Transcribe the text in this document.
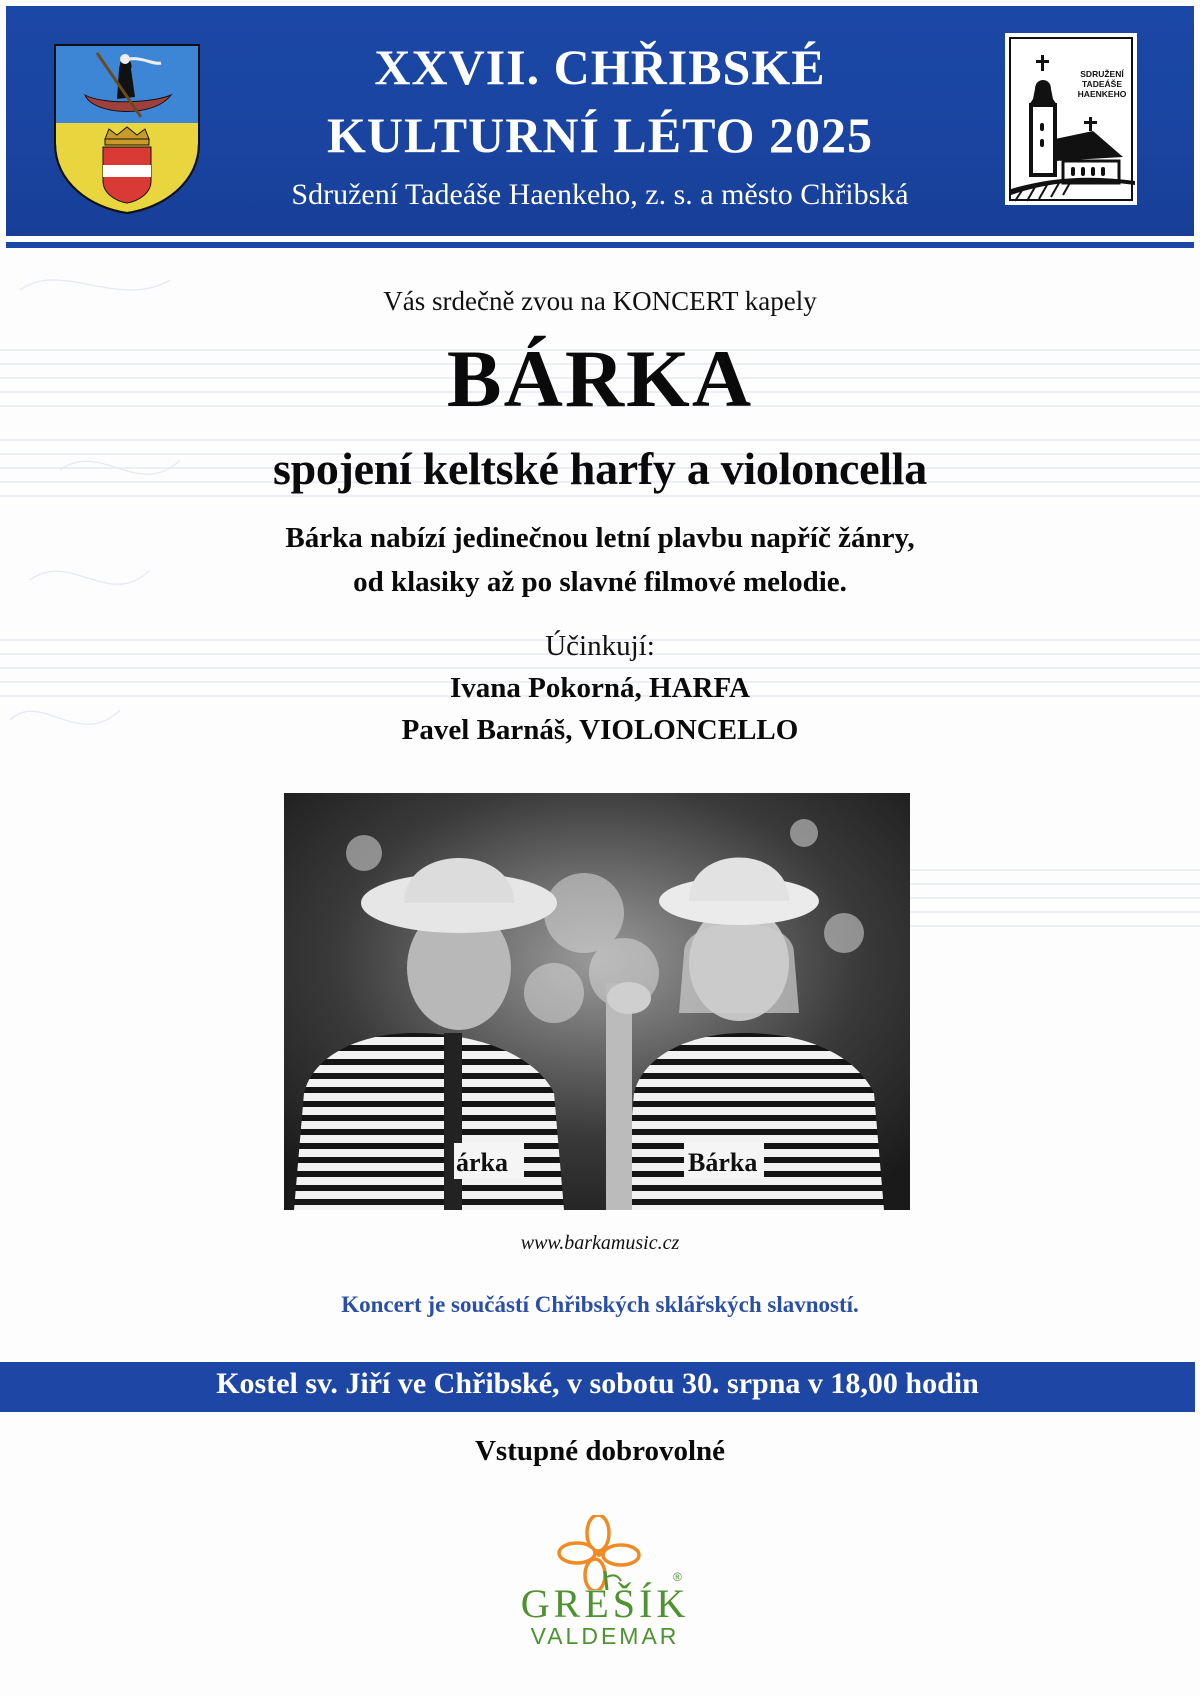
XXVII. CHŘIBSKÉ
KULTURNÍ LÉTO 2025
Sdružení Tadeáše Haenkeho, z. s. a město Chřibská
SDRUŽENÍ
TADEÁŠE
HAENKEHO
Vás srdečně zvou na KONCERT kapely
BÁRKA
spojení keltské harfy a violoncella
Bárka nabízí jedinečnou letní plavbu napříč žánry,
od klasiky až po slavné filmové melodie.
Účinkují:
Ivana Pokorná, HARFA
Pavel Barnáš, VIOLONCELLO
árka	Bárka
www.barkamusic.cz
Koncert je součástí Chřibských sklářských slavností.
Kostel sv. Jiří ve Chřibské, v sobotu 30. srpna v 18,00 hodin
Vstupné dobrovolné
GREŠÍK
®
VALDEMAR
